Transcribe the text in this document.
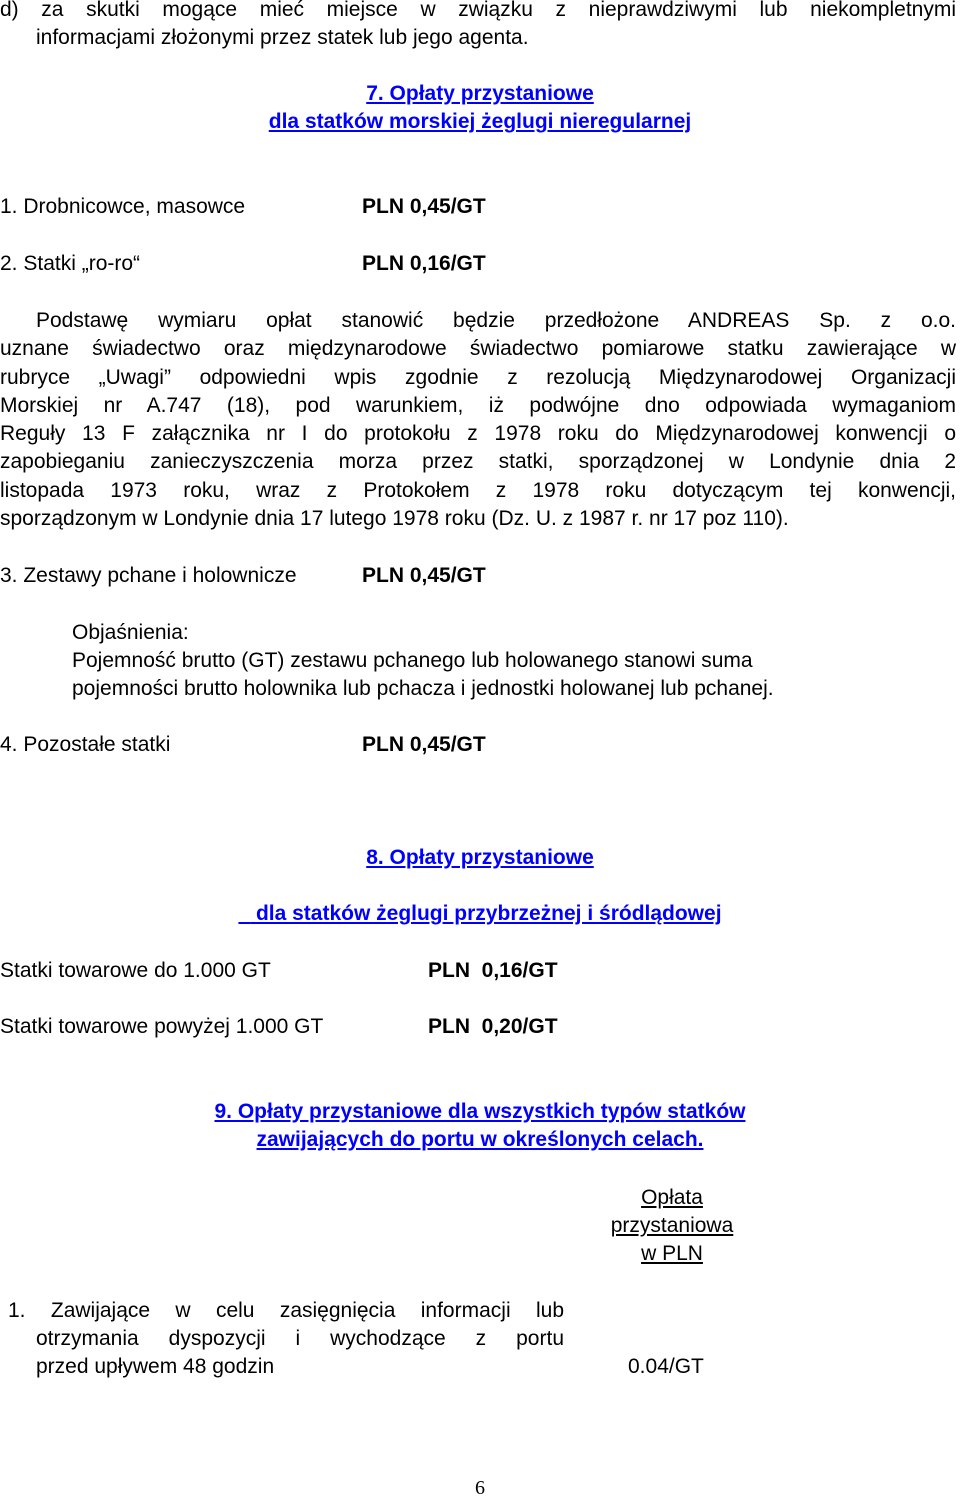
d) za skutki mogące mieć miejsce w związku z nieprawdziwymi lub niekompletnymi
informacjami złożonymi przez statek lub jego agenta.
7. Opłaty przystaniowe
dla statków morskiej żeglugi nieregularnej
1. Drobnicowce, masowce	PLN 0,45/GT
2. Statki „ro-ro“	PLN 0,16/GT
Podstawę wymiaru opłat stanowić będzie przedłożone ANDREAS Sp. z o.o.
uznane świadectwo oraz międzynarodowe świadectwo pomiarowe statku zawierające w
rubryce „Uwagi” odpowiedni wpis zgodnie z rezolucją Międzynarodowej Organizacji
Morskiej nr A.747 (18), pod warunkiem, iż podwójne dno odpowiada wymaganiom
Reguły 13 F załącznika nr I do protokołu z 1978 roku do Międzynarodowej konwencji o
zapobieganiu zanieczyszczenia morza przez statki, sporządzonej w Londynie dnia 2
listopada 1973 roku, wraz z Protokołem z 1978 roku dotyczącym tej konwencji,
sporządzonym w Londynie dnia 17 lutego 1978 roku (Dz. U. z 1987 r. nr 17 poz 110).
3. Zestawy pchane i holownicze	PLN 0,45/GT
Objaśnienia:
Pojemność brutto (GT) zestawu pchanego lub holowanego stanowi suma
pojemności brutto holownika lub pchacza i jednostki holowanej lub pchanej.
4. Pozostałe statki	PLN 0,45/GT
8. Opłaty przystaniowe

dla statków żeglugi przybrzeżnej i śródlądowej

Statki towarowe do 1.000 GT	PLN  0,16/GT
Statki towarowe powyżej 1.000 GT	PLN  0,20/GT
9. Opłaty przystaniowe dla wszystkich typów statków
zawijających do portu w określonych celach.
Opłata
przystaniowa
w PLN
1. Zawijające w celu zasięgnięcia informacji lub
otrzymania dyspozycji i wychodzące z portu
przed upływem 48 godzin	0.04/GT
6
